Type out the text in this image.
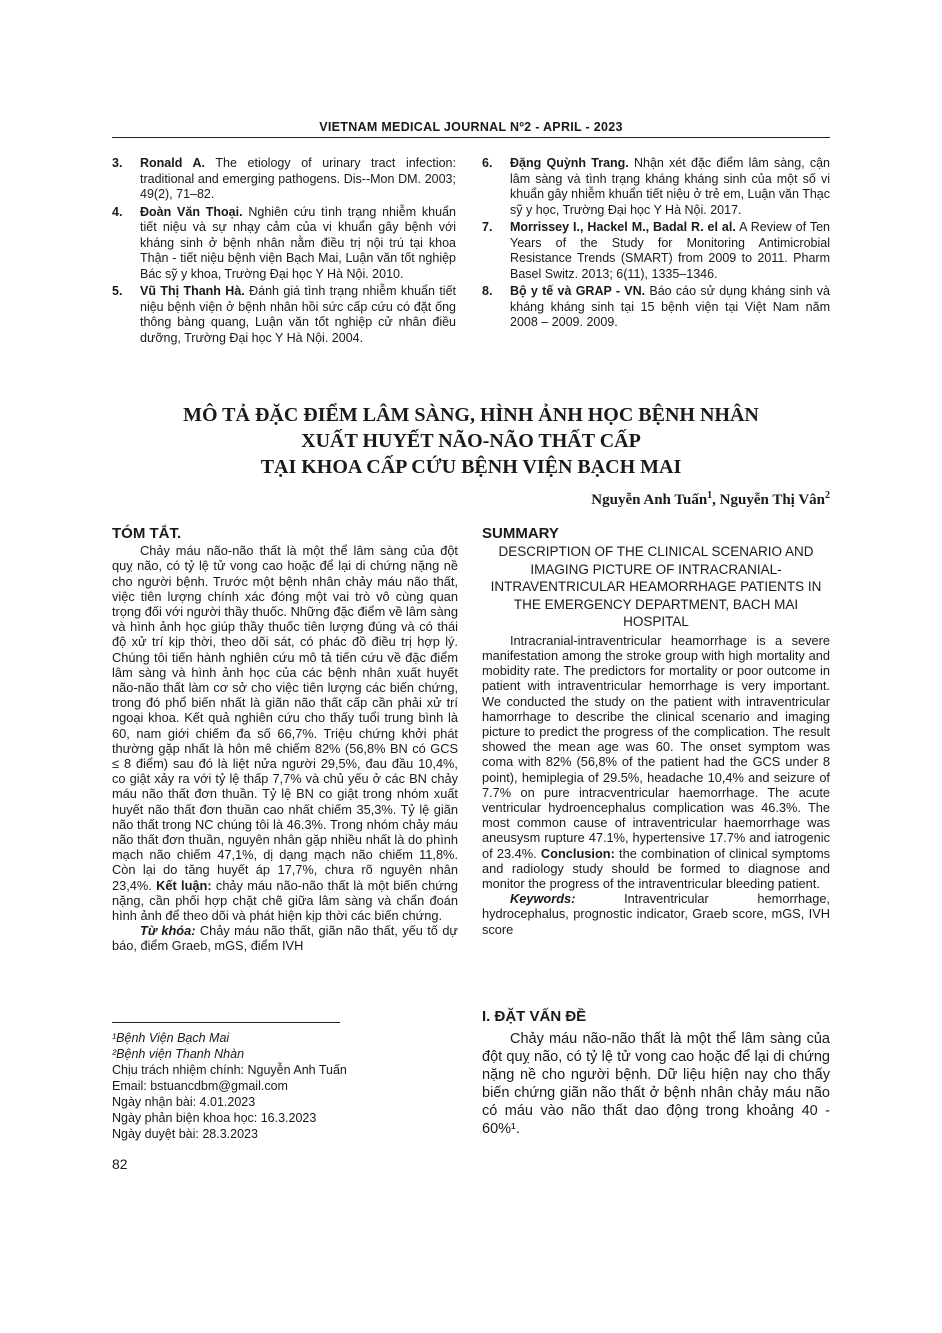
VIETNAM MEDICAL JOURNAL Nº2 - APRIL - 2023
3.	Ronald A. The etiology of urinary tract infection: traditional and emerging pathogens. Dis--Mon DM. 2003; 49(2), 71–82.
4.	Đoàn Văn Thoại. Nghiên cứu tình trạng nhiễm khuẩn tiết niệu và sự nhạy cảm của vi khuẩn gây bệnh với kháng sinh ở bệnh nhân nằm điều trị nội trú tại khoa Thận - tiết niệu bệnh viện Bạch Mai, Luận văn tốt nghiệp Bác sỹ y khoa, Trường Đại học Y Hà Nội. 2010.
5.	Vũ Thị Thanh Hà. Đánh giá tình trạng nhiễm khuẩn tiết niệu bệnh viện ở bệnh nhân hồi sức cấp cứu có đặt ống thông bàng quang, Luận văn tốt nghiệp cử nhân điều dưỡng, Trường Đại học Y Hà Nội. 2004.
6.	Đặng Quỳnh Trang. Nhận xét đặc điểm lâm sàng, cận lâm sàng và tình trạng kháng kháng sinh của một số vi khuẩn gây nhiễm khuẩn tiết niệu ở trẻ em, Luận văn Thạc sỹ y học, Trường Đại học Y Hà Nội. 2017.
7.	Morrissey I., Hackel M., Badal R. el al. A Review of Ten Years of the Study for Monitoring Antimicrobial Resistance Trends (SMART) from 2009 to 2011. Pharm Basel Switz. 2013; 6(11), 1335–1346.
8.	Bộ y tế và GRAP - VN. Báo cáo sử dụng kháng sinh và kháng kháng sinh tại 15 bệnh viện tại Việt Nam năm 2008 – 2009. 2009.
MÔ TẢ ĐẶC ĐIỂM LÂM SÀNG, HÌNH ẢNH HỌC BỆNH NHÂN
XUẤT HUYẾT NÃO-NÃO THẤT CẤP
TẠI KHOA CẤP CỨU BỆNH VIỆN BẠCH MAI
Nguyễn Anh Tuấn$^1$, Nguyễn Thị Vân$^2$
TÓM TẮT.

Chảy máu não-não thất là một thể lâm sàng của đột quỵ não, có tỷ lệ tử vong cao hoặc để lại di chứng nặng nề cho người bệnh. Trước một bệnh nhân chảy máu não thất, việc tiên lượng chính xác đóng một vai trò vô cùng quan trọng đối với người thầy thuốc. Những đặc điểm về lâm sàng và hình ảnh học giúp thầy thuốc tiên lượng đúng và có thái độ xử trí kịp thời, theo dõi sát, có phác đồ điều trị hợp lý. Chúng tôi tiến hành nghiên cứu mô tả tiến cứu về đặc điểm lâm sàng và hình ảnh học của các bệnh nhân xuất huyết não-não thất làm cơ sở cho việc tiên lượng các biến chứng, trong đó phổ biến nhất là giãn não thất cấp cần phải xử trí ngoại khoa. Kết quả nghiên cứu cho thấy tuổi trung bình là 60, nam giới chiếm đa số 66,7%. Triệu chứng khởi phát thường gặp nhất là hôn mê chiếm 82% (56,8% BN có GCS ≤ 8 điểm) sau đó là liệt nửa người 29,5%, đau đầu 10,4%, co giật xảy ra với tỷ lệ thấp 7,7% và chủ yếu ở các BN chảy máu não thất đơn thuần. Tỷ lệ BN co giật trong nhóm xuất huyết não thất đơn thuần cao nhất chiếm 35,3%. Tỷ lệ giãn não thất trong NC chúng tôi là 46.3%. Trong nhóm chảy máu não thất đơn thuần, nguyên nhân gặp nhiều nhất là do phình mạch não chiếm 47,1%, dị dạng mạch não chiếm 11,8%. Còn lại do tăng huyết áp 17,7%, chưa rõ nguyên nhân 23,4%. Kết luận: chảy máu não-não thất là một biến chứng nặng, cần phối hợp chặt chẽ giữa lâm sàng và chẩn đoán hình ảnh để theo dõi và phát hiện kịp thời các biến chứng.

Từ khóa: Chảy máu não thất, giãn não thất, yếu tố dự báo, điểm Graeb, mGS, điểm IVH

SUMMARY
DESCRIPTION OF THE CLINICAL SCENARIO AND IMAGING PICTURE OF INTRACRANIAL-INTRAVENTRICULAR HEAMORRHAGE PATIENTS IN THE EMERGENCY DEPARTMENT, BACH MAI HOSPITAL

Intracranial-intraventricular heamorrhage is a severe manifestation among the stroke group with high mortality and mobidity rate. The predictors for mortality or poor outcome in patient with intraventricular hemorrhage is very important. We conducted the study on the patient with intraventricular hamorrhage to describe the clinical scenario and imaging picture to predict the progress of the complication. The result showed the mean age was 60. The onset symptom was coma with 82% (56,8% of the patient had the GCS under 8 point), hemiplegia of 29.5%, headache 10,4% and seizure of 7.7% on pure intracventricular haemorrhage. The acute ventricular hydroencephalus complication was 46.3%. The most common cause of intraventricular haemorrhage was aneusysm rupture 47.1%, hypertensive 17.7% and iatrogenic of 23.4%. Conclusion: the combination of clinical symptoms and radiology study should be formed to diagnose and monitor the progress of the intraventricular bleeding patient.

Keywords: Intraventricular hemorrhage, hydrocephalus, prognostic indicator, Graeb score, mGS, IVH score

I. ĐẶT VẤN ĐỀ

Chảy máu não-não thất là một thể lâm sàng của đột quỵ não, có tỷ lệ tử vong cao hoặc để lại di chứng nặng nề cho người bệnh. Dữ liệu hiện nay cho thấy biến chứng giãn não thất ở bệnh nhân chảy máu não có máu vào não thất dao động trong khoảng 40 - 60%¹.

¹Bệnh Viện Bạch Mai
²Bệnh viện Thanh Nhàn
Chịu trách nhiệm chính: Nguyễn Anh Tuấn
Email: bstuancdbm@gmail.com
Ngày nhận bài: 4.01.2023
Ngày phản biện khoa học: 16.3.2023
Ngày duyệt bài: 28.3.2023
82
